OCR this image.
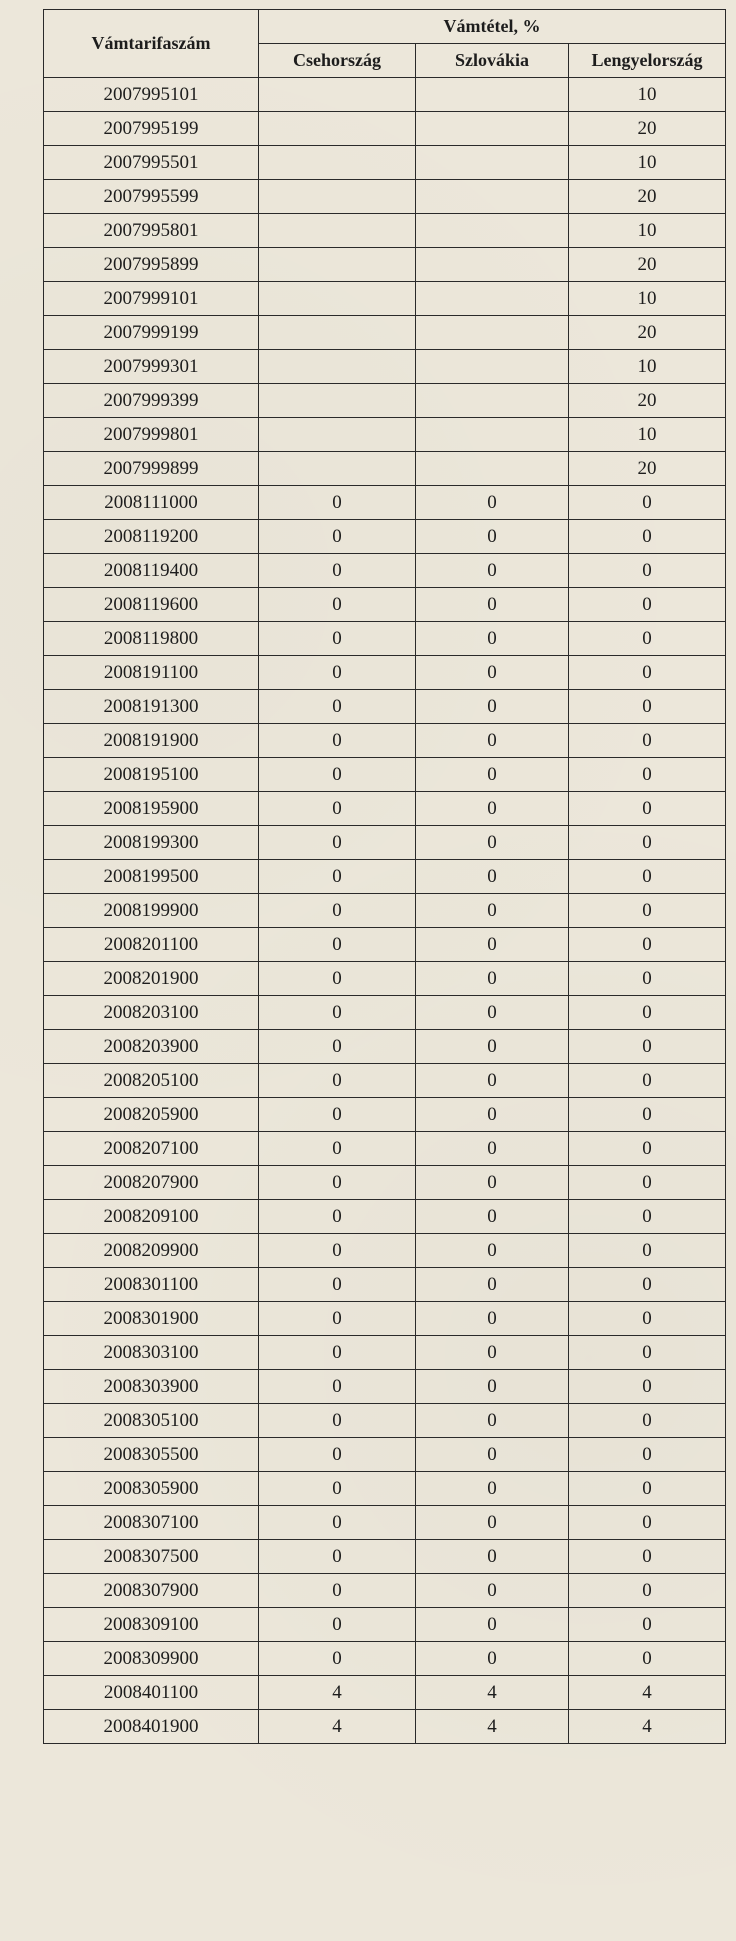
Vámtarifaszám	Vámtétel, %		
	Csehország	Szlovákia	Lengyelország
2007995101			10
2007995199			20
2007995501			10
2007995599			20
2007995801			10
2007995899			20
2007999101			10
2007999199			20
2007999301			10
2007999399			20
2007999801			10
2007999899			20
2008111000	0	0	0
2008119200	0	0	0
2008119400	0	0	0
2008119600	0	0	0
2008119800	0	0	0
2008191100	0	0	0
2008191300	0	0	0
2008191900	0	0	0
2008195100	0	0	0
2008195900	0	0	0
2008199300	0	0	0
2008199500	0	0	0
2008199900	0	0	0
2008201100	0	0	0
2008201900	0	0	0
2008203100	0	0	0
2008203900	0	0	0
2008205100	0	0	0
2008205900	0	0	0
2008207100	0	0	0
2008207900	0	0	0
2008209100	0	0	0
2008209900	0	0	0
2008301100	0	0	0
2008301900	0	0	0
2008303100	0	0	0
2008303900	0	0	0
2008305100	0	0	0
2008305500	0	0	0
2008305900	0	0	0
2008307100	0	0	0
2008307500	0	0	0
2008307900	0	0	0
2008309100	0	0	0
2008309900	0	0	0
2008401100	4	4	4
2008401900	4	4	4
